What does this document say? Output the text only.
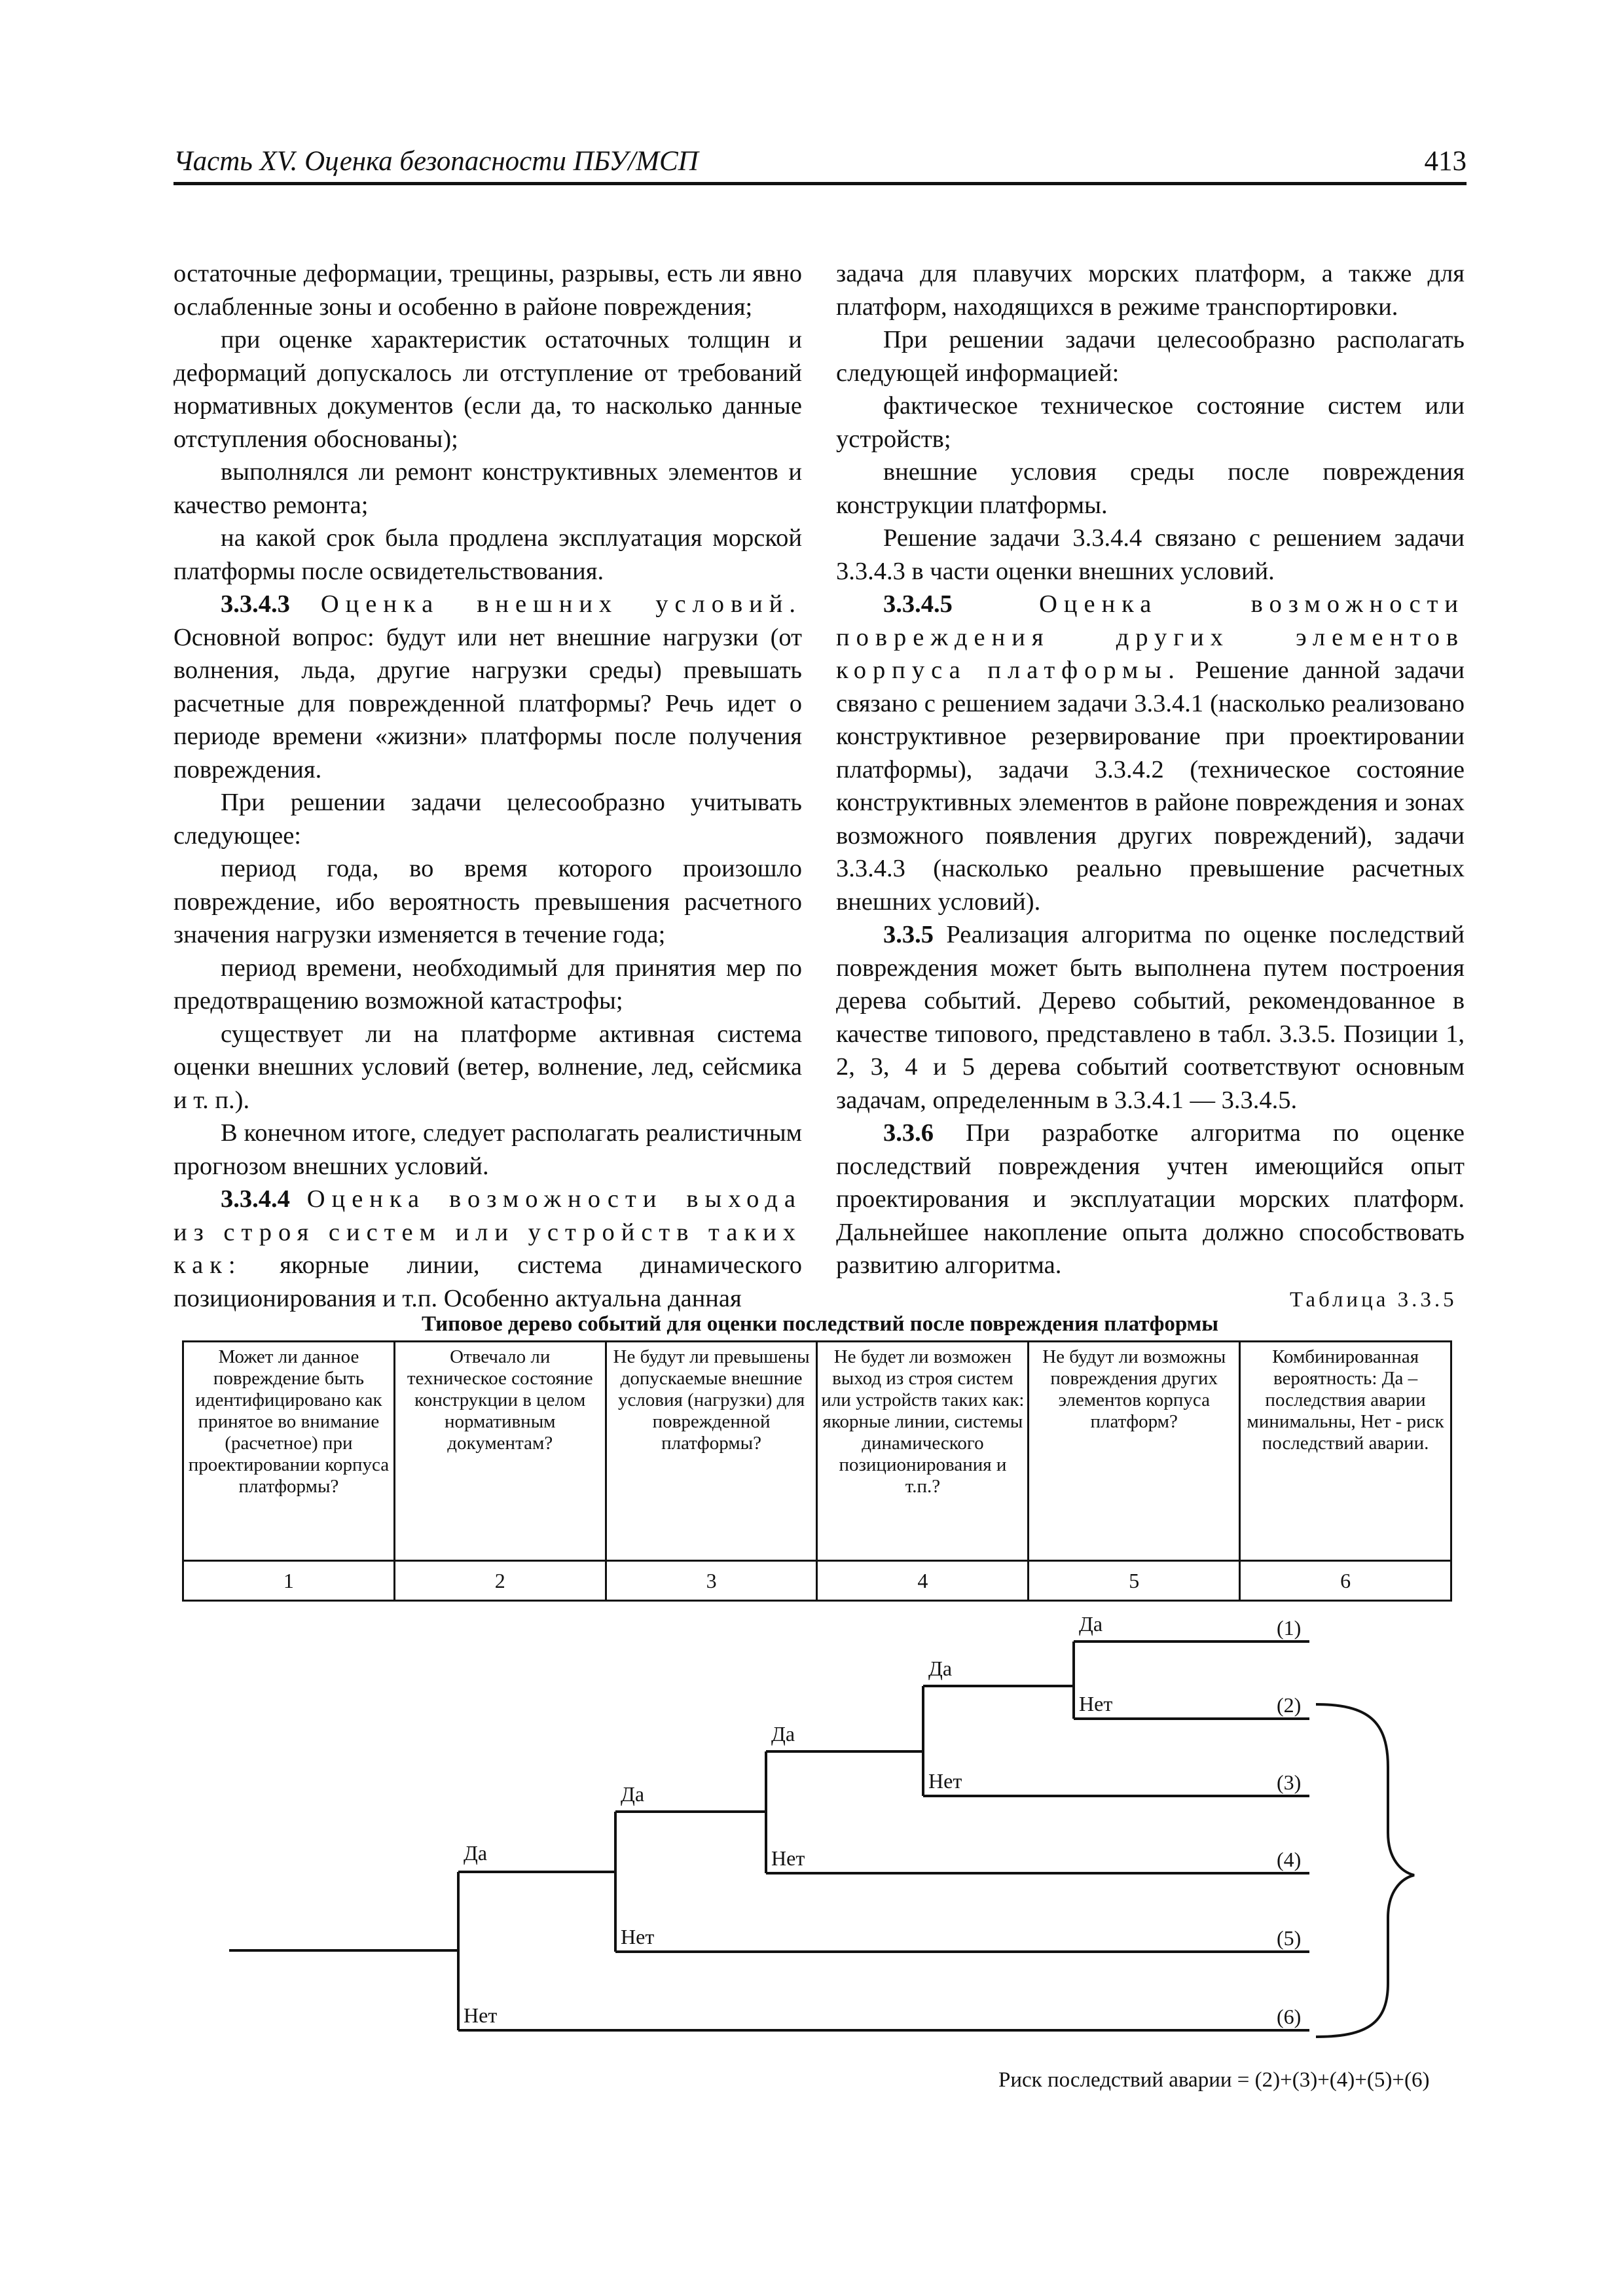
Часть XV. Оценка безопасности ПБУ/МСП	413

остаточные деформации, трещины, разрывы, есть ли явно ослабленные зоны и особенно в районе повреждения;

при оценке характеристик остаточных толщин и деформаций допускалось ли отступление от требований нормативных документов (если да, то насколько данные отступления обоснованы);

выполнялся ли ремонт конструктивных элементов и качество ремонта;

на какой срок была продлена эксплуатация морской платформы после освидетельствования.

3.3.4.3 Оценка внешних условий. Основной вопрос: будут или нет внешние нагрузки (от волнения, льда, другие нагрузки среды) превышать расчетные для поврежденной платформы? Речь идет о периоде времени «жизни» платформы после получения повреждения.

При решении задачи целесообразно учитывать следующее:

период года, во время которого произошло повреждение, ибо вероятность превышения расчетного значения нагрузки изменяется в течение года;

период времени, необходимый для принятия мер по предотвращению возможной катастрофы;

существует ли на платформе активная система оценки внешних условий (ветер, волнение, лед, сейсмика и т. п.).

В конечном итоге, следует располагать реалистичным прогнозом внешних условий.

3.3.4.4 Оценка возможности выхода из строя систем или устройств таких как: якорные линии, система динамического позиционирования и т.п. Особенно актуальна данная

задача для плавучих морских платформ, а также для платформ, находящихся в режиме транспортировки.

При решении задачи целесообразно располагать следующей информацией:

фактическое техническое состояние систем или устройств;

внешние условия среды после повреждения конструкции платформы.

Решение задачи 3.3.4.4 связано с решением задачи 3.3.4.3 в части оценки внешних условий.

3.3.4.5	Оценка возможности повреждения других элементов корпуса платформы. Решение данной задачи связано с решением задачи 3.3.4.1 (насколько реализовано конструктивное резервирование при проектировании платформы), задачи 3.3.4.2 (техническое состояние конструктивных элементов в районе повреждения и зонах возможного появления других повреждений), задачи 3.3.4.3 (насколько реально превышение расчетных внешних условий).

3.3.5 Реализация алгоритма по оценке последствий повреждения может быть выполнена путем построения дерева событий. Дерево событий, рекомендованное в качестве типового, представлено в табл. 3.3.5. Позиции 1, 2, 3, 4 и 5 дерева событий соответствуют основным задачам, определенным в 3.3.4.1 — 3.3.4.5.

3.3.6 При разработке алгоритма по оценке последствий повреждения учтен имеющийся опыт проектирования и эксплуатации морских платформ. Дальнейшее накопление опыта должно способствовать развитию алгоритма.

Таблица 3.3.5
Типовое дерево событий для оценки последствий после повреждения платформы
Может ли данное повреждение быть идентифицировано как принятое во внимание (расчетное) при проектировании корпуса платформы?	Отвечало ли техническое состояние конструкции в целом нормативным документам?	Не будут ли превышены допускаемые внешние условия (нагрузки) для поврежденной платформы?	Не будет ли возможен выход из строя систем или устройств таких как: якорные линии, системы динамического позиционирования и т.п.?	Не будут ли возможны повреждения других элементов корпуса платформ?	Комбинированная вероятность: Да – последствия аварии минимальны, Нет - риск последствий аварии.
1	2	3	4	5	6
Да
Нет
Да
Нет
Да
Нет
Да
Нет
Да
Нет
(1)
(2)
(3)
(4)
(5)
(6)
Риск последствий аварии = (2)+(3)+(4)+(5)+(6)
